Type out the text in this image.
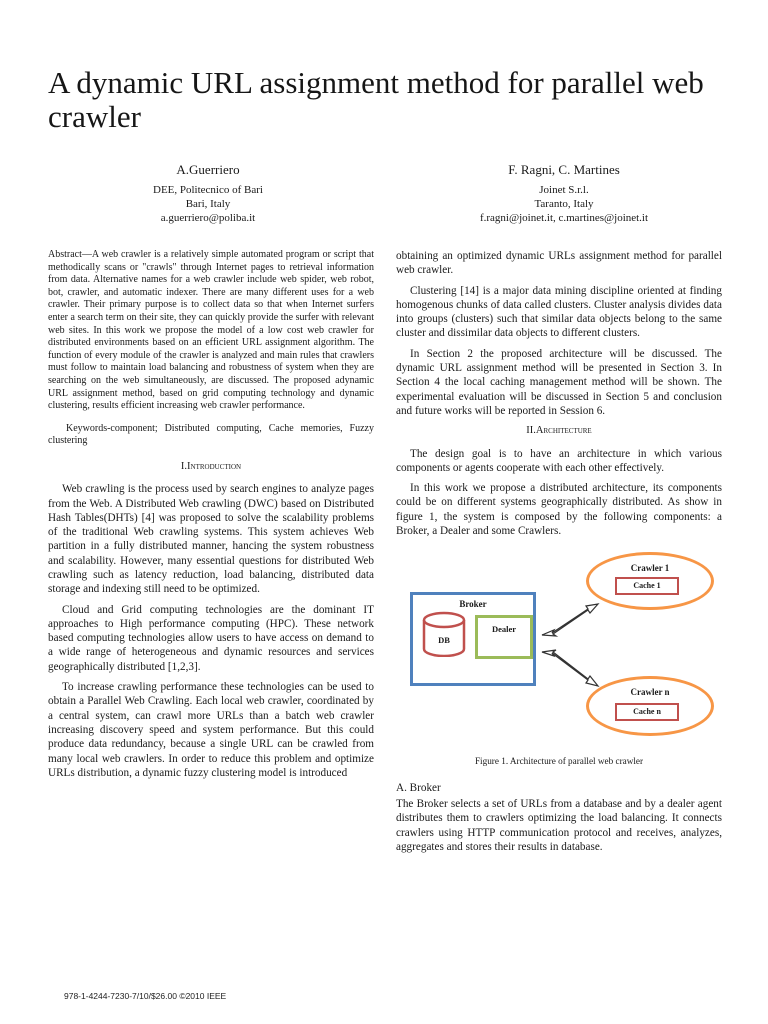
A dynamic URL assignment method for parallel web crawler
A.Guerriero
DEE, Politecnico of Bari
Bari, Italy
a.guerriero@poliba.it
F. Ragni, C. Martines
Joinet S.r.l.
Taranto, Italy
f.ragni@joinet.it, c.martines@joinet.it

Abstract—A web crawler is a relatively simple automated program or script that methodically scans or "crawls" through Internet pages to retrieval information from data. Alternative names for a web crawler include web spider, web robot, bot, crawler, and automatic indexer. There are many different uses for a web crawler. Their primary purpose is to collect data so that when Internet surfers enter a search term on their site, they can quickly provide the surfer with relevant web sites. In this work we propose the model of a low cost web crawler for distributed environments based on an efficient URL assignment algorithm. The function of every module of the crawler is analyzed and main rules that crawlers must follow to maintain load balancing and robustness of system when they are searching on the web simultaneously, are discussed. The proposed adynamic URL assignment method, based on grid computing technology and dynamic clustering, results efficient increasing web crawler performance.

Keywords-component; Distributed computing, Cache memories, Fuzzy clustering

I.Introduction

Web crawling is the process used by search engines to analyze pages from the Web. A Distributed Web crawling (DWC) based on Distributed Hash Tables(DHTs) [4] was proposed to solve the scalability problems of the traditional Web crawling systems. This system achieves Web partition in a fully distributed manner, hancing the system robustness and scalability. However, many essential questions for distributed Web crawling such as latency reduction, load balancing, distributed data storage and indexing still need to be optimized.

Cloud and Grid computing technologies are the dominant IT approaches to High performance computing (HPC). These network based computing technologies allow users to have access on demand to a wide range of heterogeneous and dynamic resources and services geographically distributed [1,2,3].

To increase crawling performance these technologies can be used to obtain a Parallel Web Crawling. Each local web crawler, coordinated by a central system, can crawl more URLs than a batch web crawler increasing discovery speed and system performance. But this could produce data redundancy, because a single URL can be crawled from many local web crawlers. In order to reduce this problem and optimize URLs distribution, a dynamic fuzzy clustering model is introduced

obtaining an optimized dynamic URLs assignment method for parallel web crawler.

Clustering [14] is a major data mining discipline oriented at finding homogenous chunks of data called clusters. Cluster analysis divides data into groups (clusters) such that similar data objects belong to the same cluster and dissimilar data objects to different clusters.

In Section 2 the proposed architecture will be discussed. The dynamic URL assignment method will be presented in Section 3. In Section 4 the local caching management method will be shown. The experimental evaluation will be discussed in Section 5 and conclusion and future works will be reported in Session 6.

II.Architecture

The design goal is to have an architecture in which various components or agents cooperate with each other effectively.

In this work we propose a distributed architecture, its components could be on different systems geographically distributed. As show in figure 1, the system is composed by the following components: a Broker, a Dealer and some Crawlers.

Broker
DB
Dealer
Crawler 1
Cache 1
Crawler n
Cache n
Figure 1. Architecture of parallel web crawler
A. Broker

The Broker selects a set of URLs from a database and by a dealer agent distributes them to crawlers optimizing the load balancing. It connects crawlers using HTTP communication protocol and receives, analyzes, aggregates and stores their results in database.

978-1-4244-7230-7/10/$26.00 ©2010 IEEE
